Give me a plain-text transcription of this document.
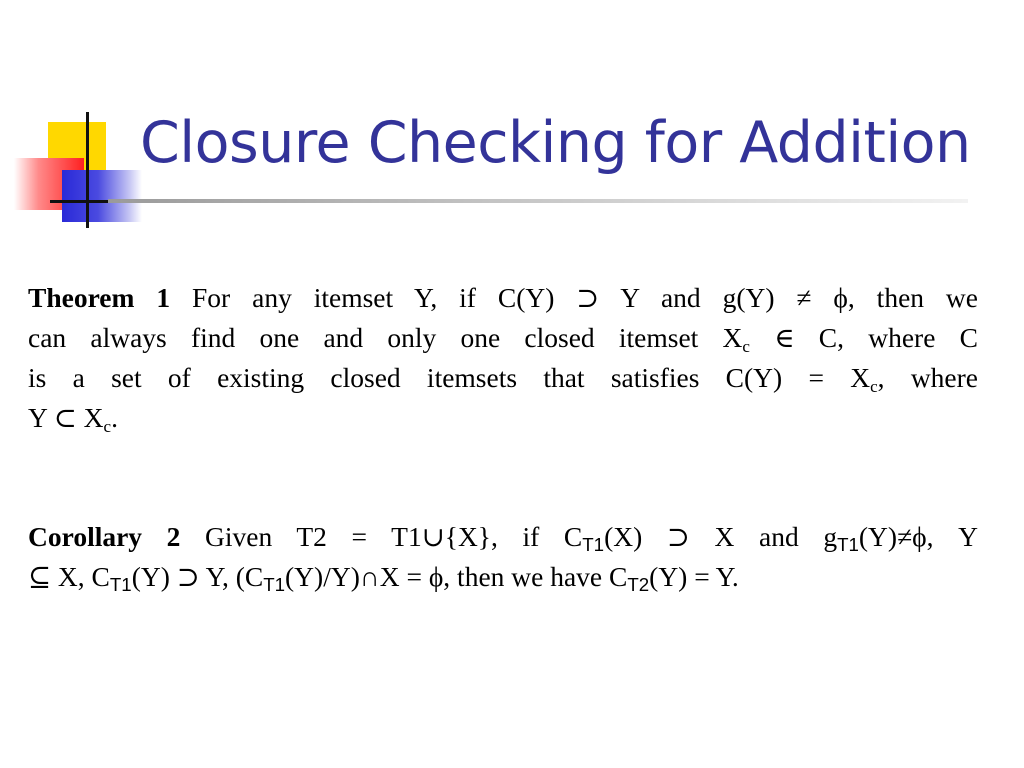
Closure Checking for Addition
Theorem 1 For any itemset Y, if C(Y) ⊃ Y and g(Y) ≠ ϕ, then we
can always find one and only one closed itemset $X_c$ ∈ C, where C
is a set of existing closed itemsets that satisfies $C(Y) = X_c$, where
Y ⊂ $X_c$.
Corollary 2 Given T2 = T1∪{X}, if $C_{T1}(X)$ ⊃ X and $g_{T1}(Y)\ne\phi$, Y
⊆ X, $C_{T1}(Y)$ ⊃ Y, $(C_{T1}(Y)/Y)\cap X = \phi$, then we have $C_{T2}(Y) = Y$.
